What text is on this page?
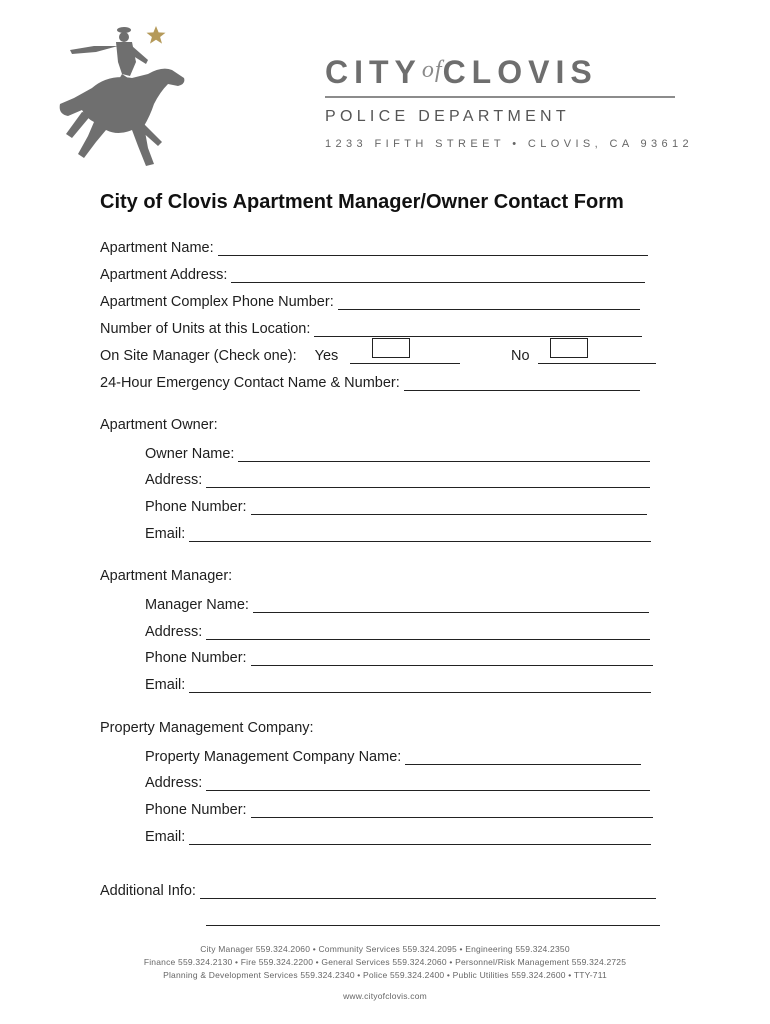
CITYofCLOVIS
POLICE DEPARTMENT
1233 FIFTH STREET • CLOVIS, CA 93612
City of Clovis Apartment Manager/Owner Contact Form
Apartment Name:
Apartment Address:
Apartment Complex Phone Number:
Number of Units at this Location:
On Site Manager (Check one):	Yes	No
24-Hour Emergency Contact Name & Number:
Apartment Owner:
Owner Name:
Address:
Phone Number:
Email:
Apartment Manager:
Manager Name:
Address:
Phone Number:
Email:
Property Management Company:
Property Management Company Name:
Address:
Phone Number:
Email:
Additional Info:
City Manager 559.324.2060 • Community Services 559.324.2095 • Engineering 559.324.2350
Finance 559.324.2130 • Fire 559.324.2200 • General Services 559.324.2060 • Personnel/Risk Management 559.324.2725
Planning & Development Services 559.324.2340 • Police 559.324.2400 • Public Utilities 559.324.2600 • TTY-711
www.cityofclovis.com
